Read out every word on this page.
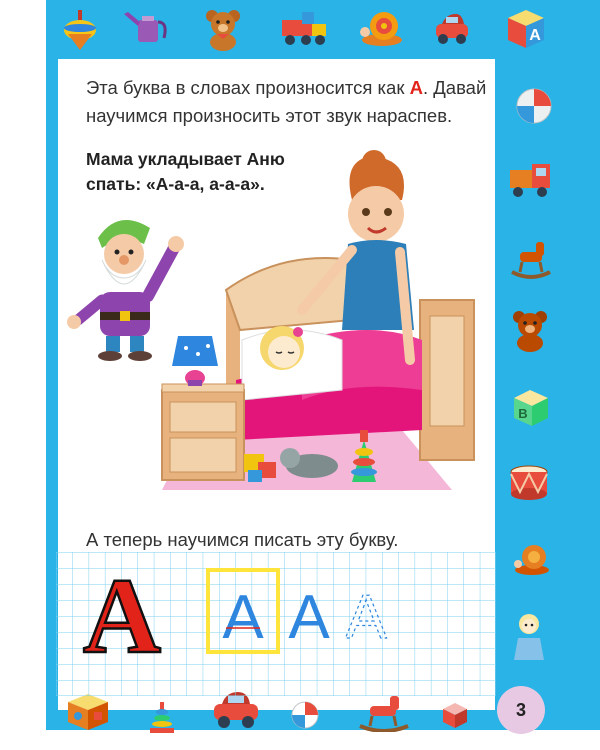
А
В

Эта буква в словах произносится как А. Давай научимся произносить этот звук нараспев.

Мама укладывает Аню
спать: «А-а-а, а-а-а».

А теперь научимся писать эту букву.

А А А А
3
